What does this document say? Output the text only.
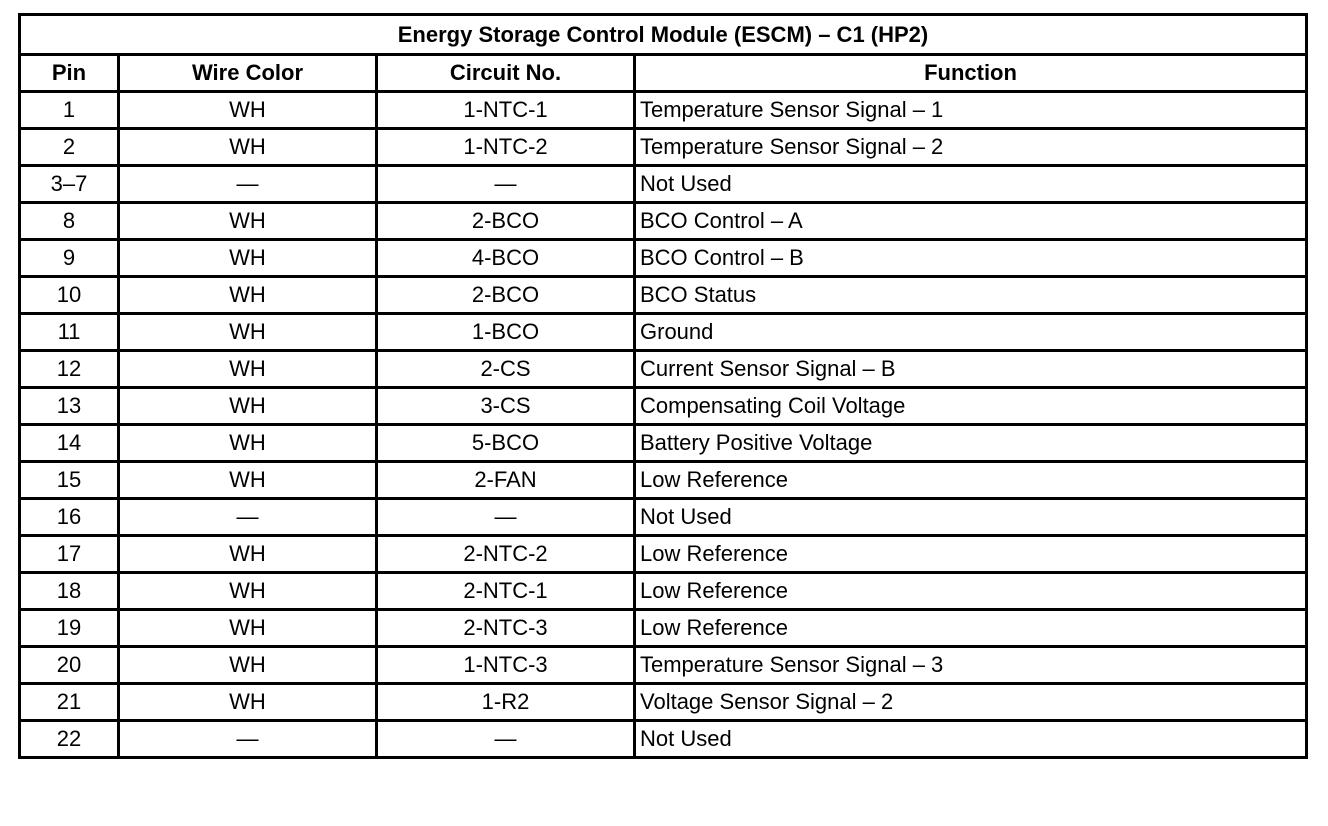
Energy Storage Control Module (ESCM) – C1 (HP2)			
Pin	Wire Color	Circuit No.	Function
1	WH	1-NTC-1	Temperature Sensor Signal – 1
2	WH	1-NTC-2	Temperature Sensor Signal – 2
3–7	—	—	Not Used
8	WH	2-BCO	BCO Control – A
9	WH	4-BCO	BCO Control – B
10	WH	2-BCO	BCO Status
11	WH	1-BCO	Ground
12	WH	2-CS	Current Sensor Signal – B
13	WH	3-CS	Compensating Coil Voltage
14	WH	5-BCO	Battery Positive Voltage
15	WH	2-FAN	Low Reference
16	—	—	Not Used
17	WH	2-NTC-2	Low Reference
18	WH	2-NTC-1	Low Reference
19	WH	2-NTC-3	Low Reference
20	WH	1-NTC-3	Temperature Sensor Signal – 3
21	WH	1-R2	Voltage Sensor Signal – 2
22	—	—	Not Used
